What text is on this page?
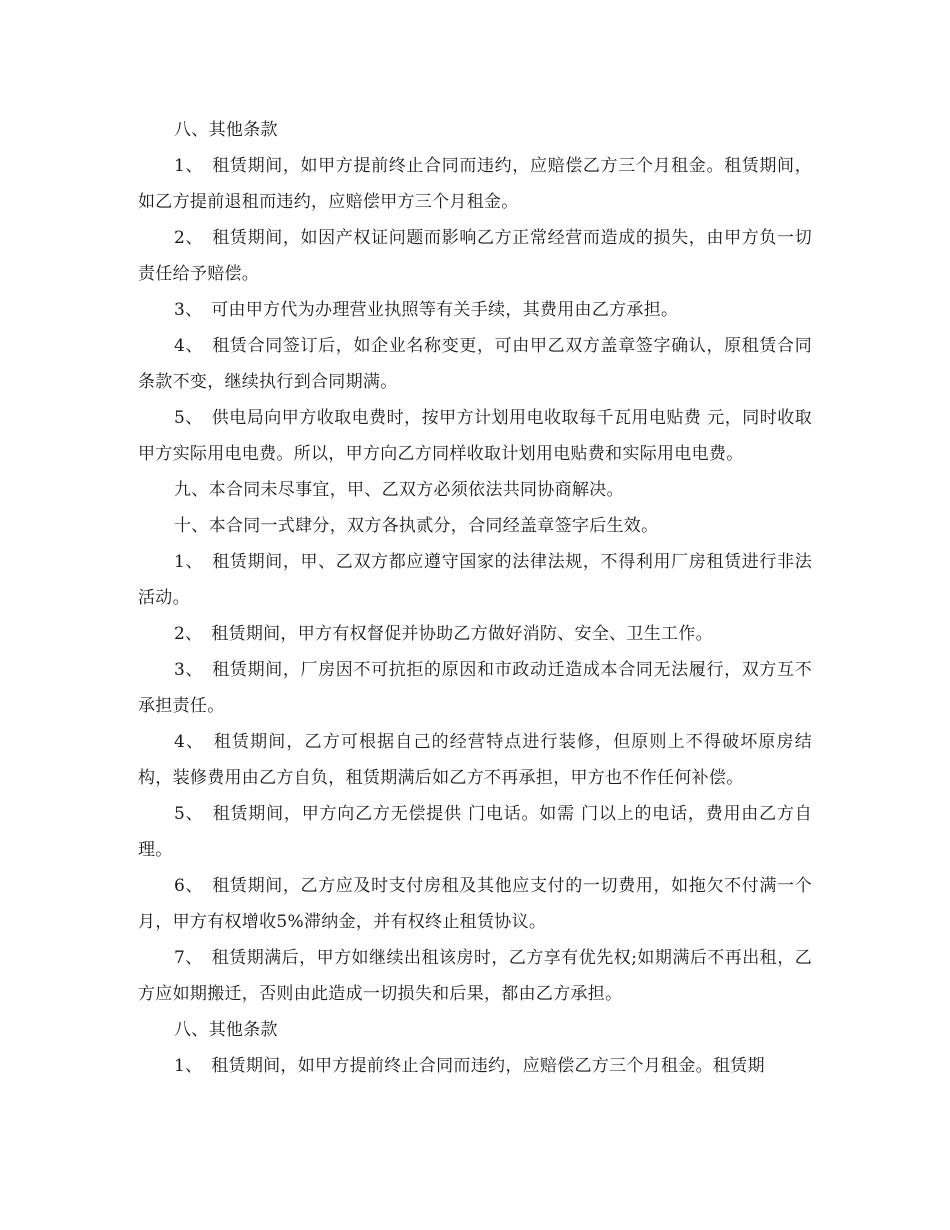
八、其他条款

1、　租赁期间，如甲方提前终止合同而违约，应赔偿乙方三个月租金。租赁期间，如乙方提前退租而违约，应赔偿甲方三个月租金。

2、　租赁期间，如因产权证问题而影响乙方正常经营而造成的损失，由甲方负一切责任给予赔偿。

3、　可由甲方代为办理营业执照等有关手续，其费用由乙方承担。

4、　租赁合同签订后，如企业名称变更，可由甲乙双方盖章签字确认，原租赁合同条款不变，继续执行到合同期满。

5、　供电局向甲方收取电费时，按甲方计划用电收取每千瓦用电贴费 元，同时收取甲方实际用电电费。所以，甲方向乙方同样收取计划用电贴费和实际用电电费。

九、本合同未尽事宜，甲、乙双方必须依法共同协商解决。

十、本合同一式肆分，双方各执贰分，合同经盖章签字后生效。

1、　租赁期间，甲、乙双方都应遵守国家的法律法规，不得利用厂房租赁进行非法活动。

2、　租赁期间，甲方有权督促并协助乙方做好消防、安全、卫生工作。

3、　租赁期间，厂房因不可抗拒的原因和市政动迁造成本合同无法履行，双方互不承担责任。

4、　租赁期间，乙方可根据自己的经营特点进行装修，但原则上不得破坏原房结构，装修费用由乙方自负，租赁期满后如乙方不再承担，甲方也不作任何补偿。

5、　租赁期间，甲方向乙方无偿提供 门电话。如需 门以上的电话，费用由乙方自理。

6、　租赁期间，乙方应及时支付房租及其他应支付的一切费用，如拖欠不付满一个月，甲方有权增收5%滞纳金，并有权终止租赁协议。

7、　租赁期满后，甲方如继续出租该房时，乙方享有优先权;如期满后不再出租，乙方应如期搬迁，否则由此造成一切损失和后果，都由乙方承担。

八、其他条款

1、　租赁期间，如甲方提前终止合同而违约，应赔偿乙方三个月租金。租赁期
